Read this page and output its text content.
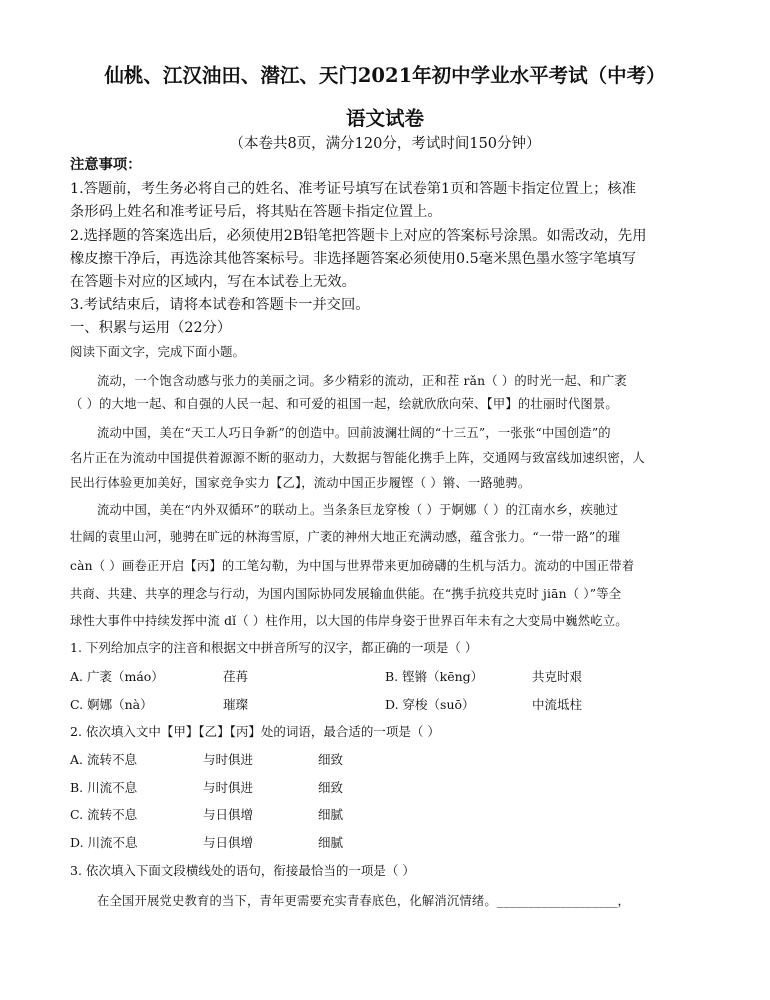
仙桃、江汉油田、潜江、天门2021年初中学业水平考试（中考）
语文试卷
（本卷共8页，满分120分，考试时间150分钟）
注意事项：
1.答题前，考生务必将自己的姓名、准考证号填写在试卷第1页和答题卡指定位置上；核准
条形码上姓名和准考证号后，将其贴在答题卡指定位置上。
2.选择题的答案选出后，必须使用2B铅笔把答题卡上对应的答案标号涂黑。如需改动，先用
橡皮擦干净后，再选涂其他答案标号。非选择题答案必须使用0.5毫米黑色墨水签字笔填写
在答题卡对应的区域内，写在本试卷上无效。
3.考试结束后，请将本试卷和答题卡一并交回。
一、积累与运用（22分）
阅读下面文字，完成下面小题。
流动，一个饱含动感与张力的美丽之词。多少精彩的流动，正和茬 rǎn（ ）的时光一起、和广袤
（ ）的大地一起、和自强的人民一起、和可爱的祖国一起，绘就欣欣向荣、【甲】的壮丽时代图景。
流动中国，美在“天工人巧日争新”的创造中。回前波澜壮阔的“十三五”，一张张“中国创造”的
名片正在为流动中国提供着源源不断的驱动力，大数据与智能化携手上阵，交通网与致富线加速织密，人
民出行体验更加美好，国家竞争实力【乙】，流动中国正步履铿（ ）锵、一路驰骋。
流动中国，美在“内外双循环”的联动上。当条条巨龙穿梭（ ）于婀娜（ ）的江南水乡，疾驰过
壮阔的袁里山河，驰骋在旷远的林海雪原，广袤的神州大地正充满动感，蕴含张力。“一带一路”的璀
càn（ ）画卷正开启【丙】的工笔勾勒，为中国与世界带来更加磅礴的生机与活力。流动的中国正带着
共商、共建、共享的理念与行动，为国内国际协同发展输血供能。在“携手抗疫共克时 jiān（ ）”等全
球性大事件中持续发挥中流 dǐ（ ）柱作用，以大国的伟岸身姿于世界百年未有之大变局中巍然屹立。
1. 下列给加点字的注音和根据文中拼音所写的汉字，都正确的一项是（ ）
A. 广袤（máo）	荏苒	B. 铿锵（kēng）	共克时艰
C. 婀娜（nà）	璀璨	D. 穿梭（suō）	中流坻柱
2. 依次填入文中【甲】【乙】【丙】处的词语，最合适的一项是（ ）
A. 流转不息	与时俱进	细致
B. 川流不息	与时俱进	细致
C. 流转不息	与日俱增	细腻
D. 川流不息	与日俱增	细腻
3. 依次填入下面文段横线处的语句，衔接最恰当的一项是（ ）
在全国开展党史教育的当下，青年更需要充实青春底色，化解消沉情绪。___________________，
